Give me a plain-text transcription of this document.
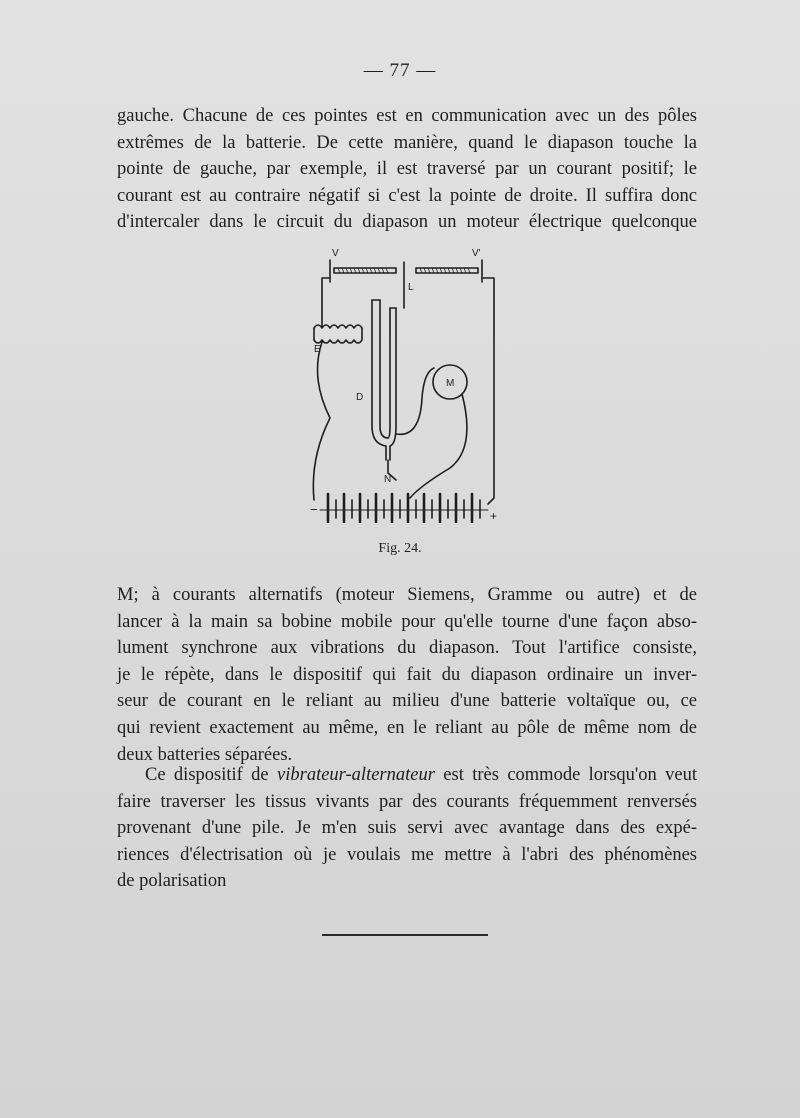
— 77 —
gauche. Chacune de ces pointes est en communication avec un des pôles
extrêmes de la batterie. De cette manière, quand le diapason touche la
pointe de gauche, par exemple, il est traversé par un courant positif; le
courant est au contraire négatif si c'est la pointe de droite. Il suffira donc
d'intercaler dans le circuit du diapason un moteur électrique quelconque
V	V'
L
E
D
M
N
−	+
Fig. 24.
M; à courants alternatifs (moteur Siemens, Gramme ou autre) et de
lancer à la main sa bobine mobile pour qu'elle tourne d'une façon abso-
lument synchrone aux vibrations du diapason. Tout l'artifice consiste,
je le répète, dans le dispositif qui fait du diapason ordinaire un inver-
seur de courant en le reliant au milieu d'une batterie voltaïque ou, ce
qui revient exactement au même, en le reliant au pôle de même nom de
deux batteries séparées.
Ce dispositif de vibrateur-alternateur est très commode lorsqu'on veut
faire traverser les tissus vivants par des courants fréquemment renversés
provenant d'une pile. Je m'en suis servi avec avantage dans des expé-
riences d'électrisation où je voulais me mettre à l'abri des phénomènes
de polarisation
